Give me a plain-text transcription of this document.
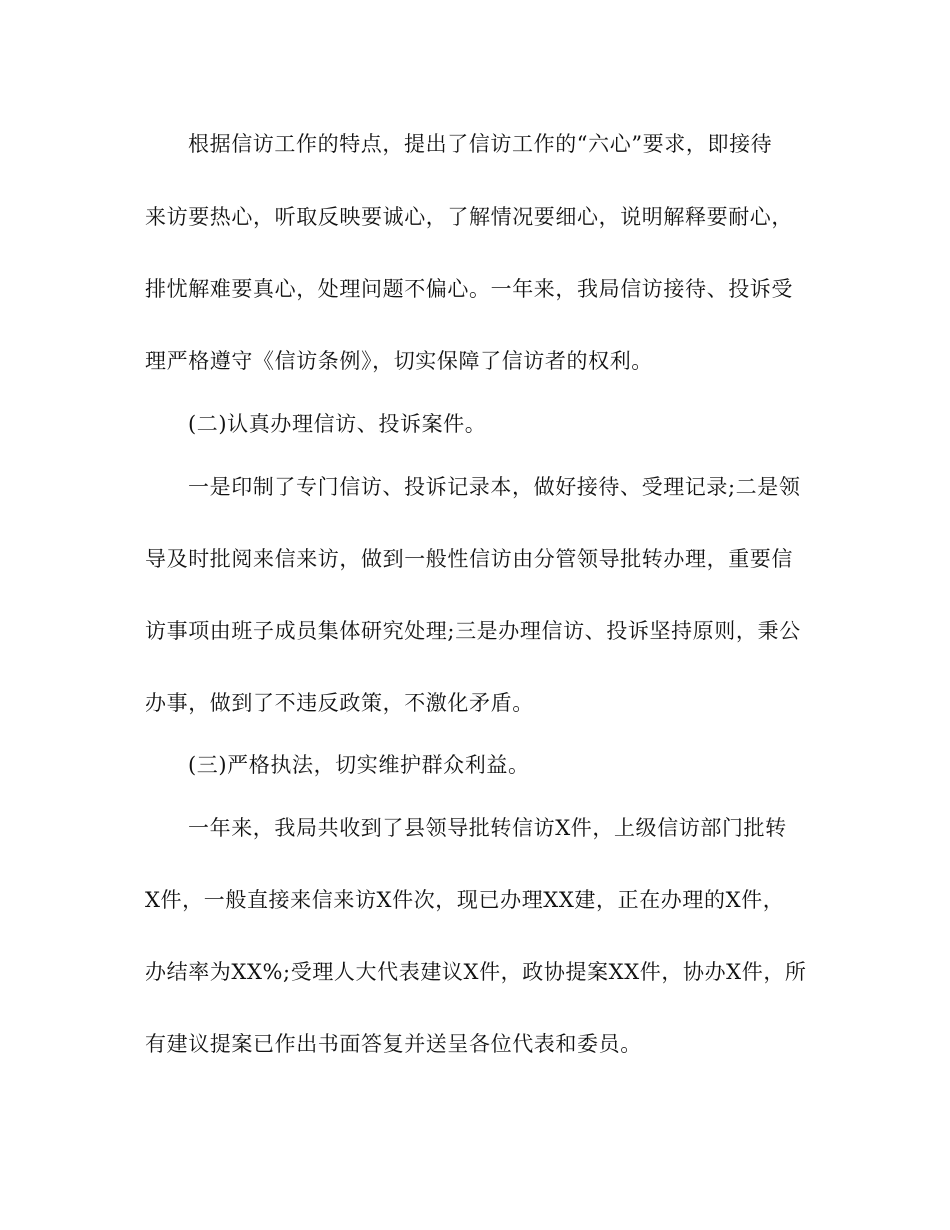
根据信访工作的特点，提出了信访工作的“六心”要求，即接待
来访要热心，听取反映要诚心，了解情况要细心，说明解释要耐心，
排忧解难要真心，处理问题不偏心。一年来，我局信访接待、投诉受
理严格遵守《信访条例》，切实保障了信访者的权利。
(二)认真办理信访、投诉案件。
一是印制了专门信访、投诉记录本，做好接待、受理记录;二是领
导及时批阅来信来访，做到一般性信访由分管领导批转办理，重要信
访事项由班子成员集体研究处理;三是办理信访、投诉坚持原则，秉公
办事，做到了不违反政策，不激化矛盾。
(三)严格执法，切实维护群众利益。
一年来，我局共收到了县领导批转信访X件，上级信访部门批转
X件，一般直接来信来访X件次，现已办理XX建，正在办理的X件，
办结率为XX%;受理人大代表建议X件，政协提案XX件，协办X件，所
有建议提案已作出书面答复并送呈各位代表和委员。
